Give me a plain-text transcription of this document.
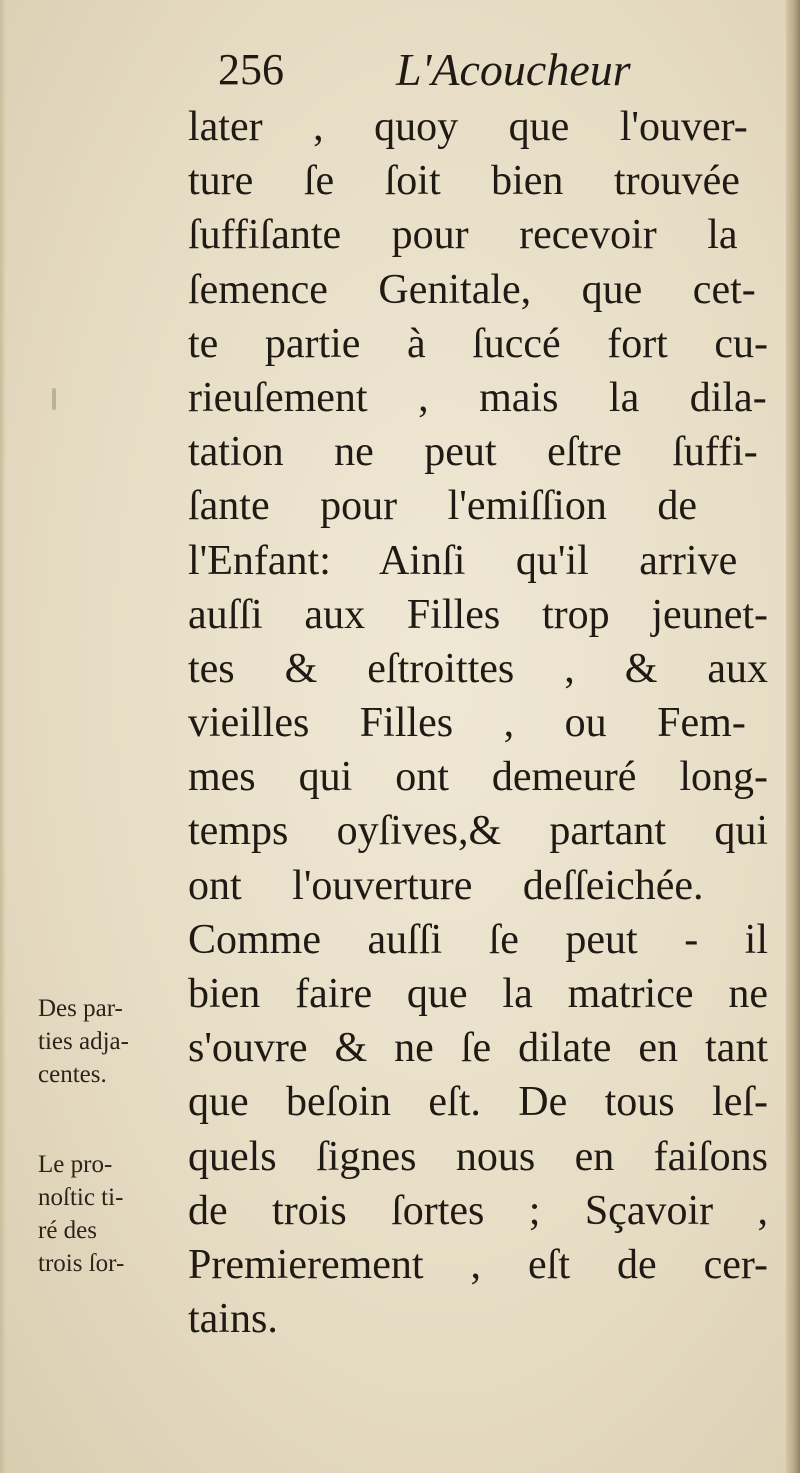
256 L'Acoucheur
later , quoy que l'ouver-
ture ſe ſoit bien trouvée
ſuffiſante pour recevoir la
ſemence Genitale, que cet-
te partie à ſuccé fort cu-
rieuſement , mais la dila-
tation ne peut eſtre ſuffi-
ſante pour l'emiſſion de
l'Enfant: Ainſi qu'il arrive
auſſi aux Filles trop jeunet-
tes & eſtroittes , & aux
vieilles Filles , ou Fem-
mes qui ont demeuré long-
temps oyſives,& partant qui
ont l'ouverture deſſeichée.
Comme auſſi ſe peut - il
bien faire que la matrice ne
s'ouvre & ne ſe dilate en tant
que beſoin eſt. De tous leſ-
quels ſignes nous en faiſons
de trois ſortes ; Sçavoir ,
Premierement , eſt de cer-
tains.
Des par-
ties adja-
centes.
Le pro-
noſtic ti-
ré des
trois ſor-
